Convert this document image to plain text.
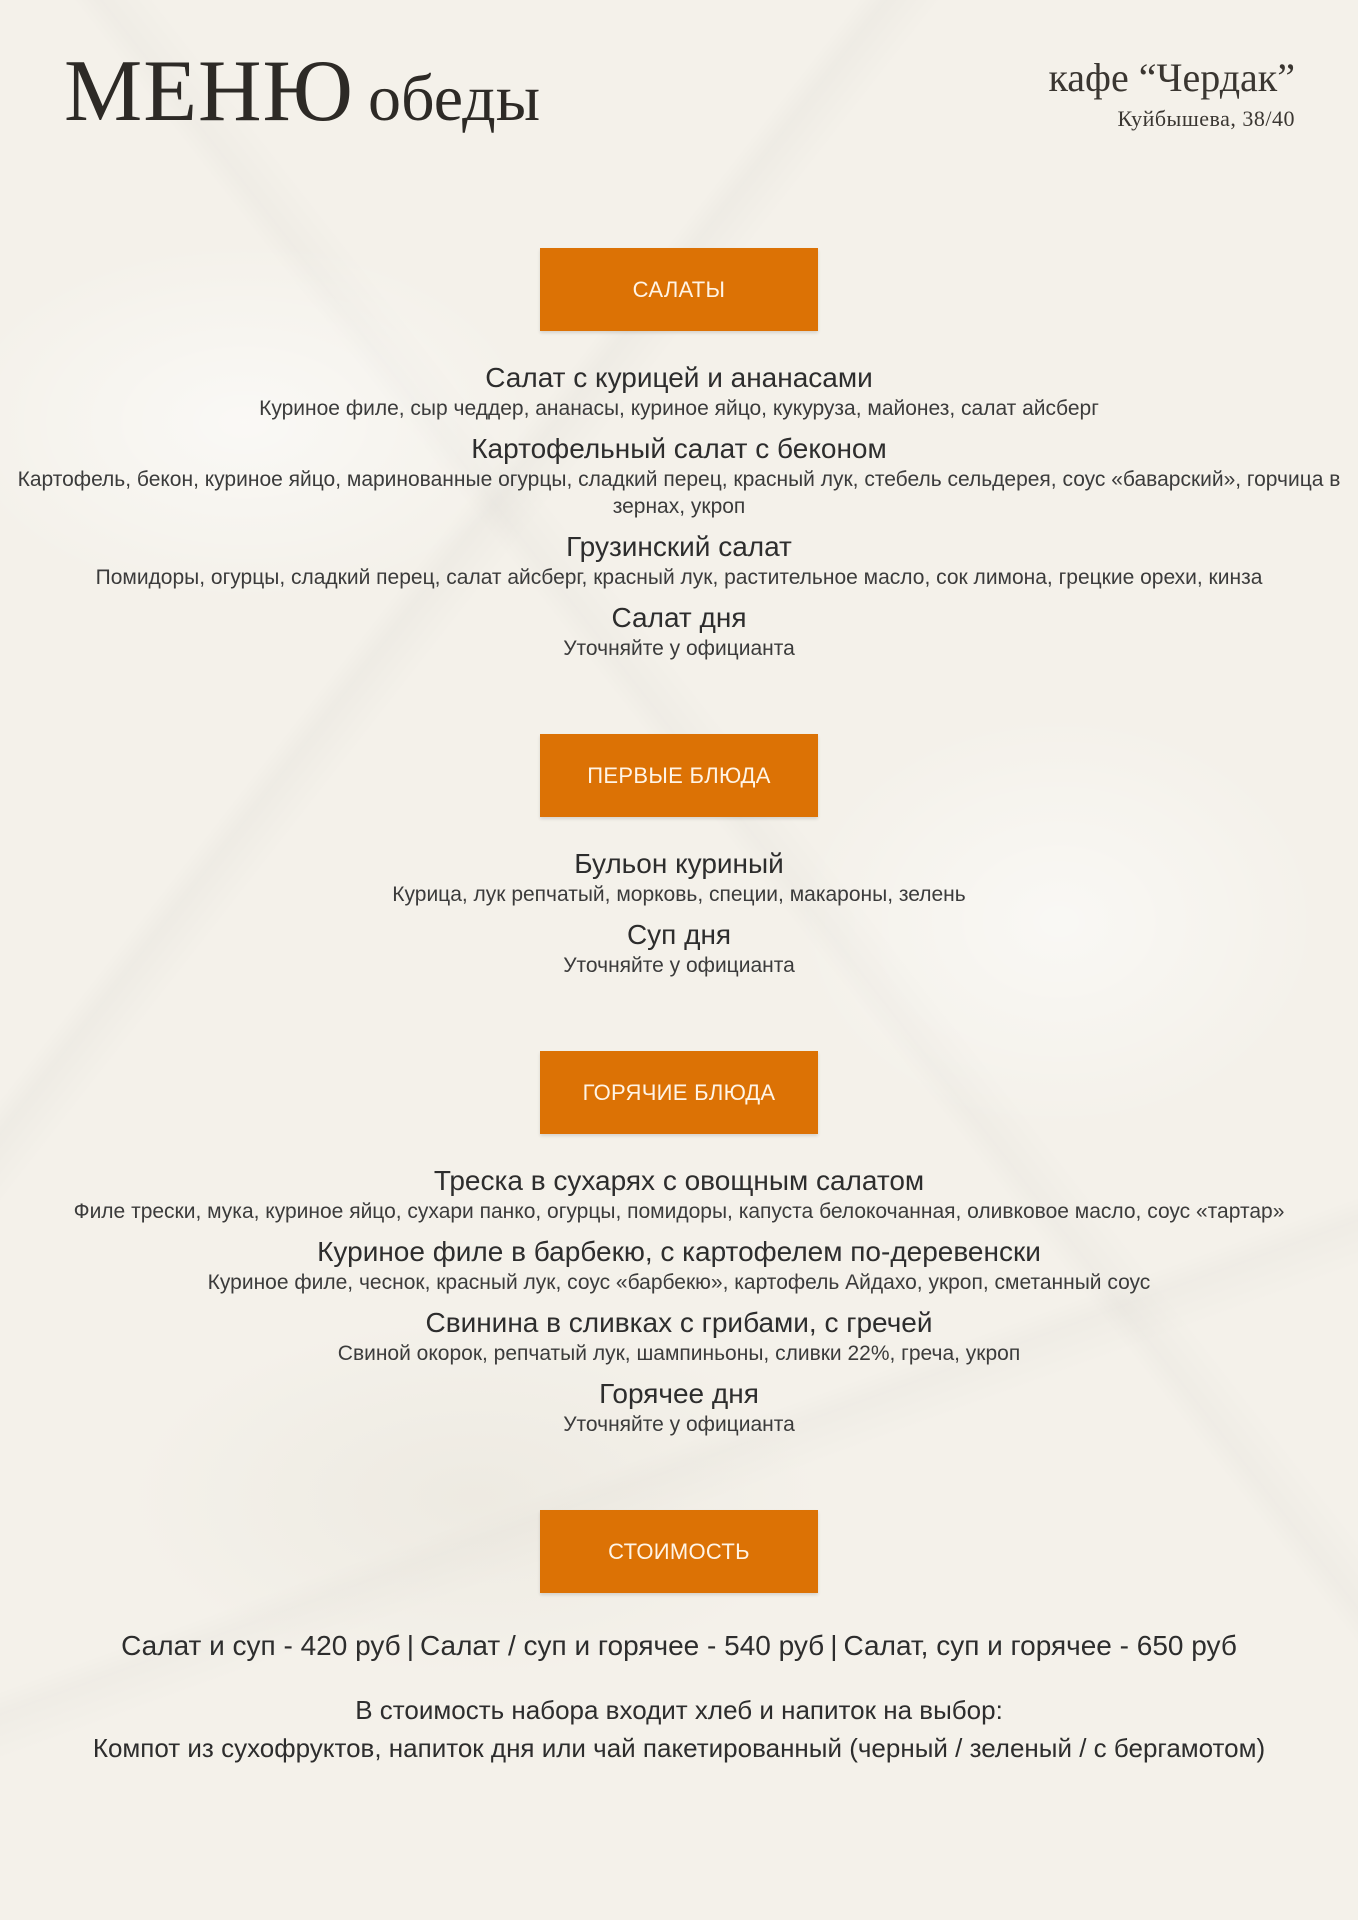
МЕНЮ обеды	кафе “Чердак”
Куйбышева, 38/40
САЛАТЫ
Салат с курицей и ананасами
Куриное филе, сыр чеддер, ананасы, куриное яйцо, кукуруза, майонез, салат айсберг
Картофельный салат с беконом
Картофель, бекон, куриное яйцо, маринованные огурцы, сладкий перец, красный лук, стебель сельдерея, соус «баварский», горчица в зернах, укроп
Грузинский салат
Помидоры, огурцы, сладкий перец, салат айсберг, красный лук, растительное масло, сок лимона, грецкие орехи, кинза
Салат дня
Уточняйте у официанта
ПЕРВЫЕ БЛЮДА
Бульон куриный
Курица, лук репчатый, морковь, специи, макароны, зелень
Суп дня
Уточняйте у официанта
ГОРЯЧИЕ БЛЮДА
Треска в сухарях с овощным салатом
Филе трески, мука, куриное яйцо, сухари панко, огурцы, помидоры, капуста белокочанная, оливковое масло, соус «тартар»
Куриное филе в барбекю, с картофелем по-деревенски
Куриное филе, чеснок, красный лук, соус «барбекю», картофель Айдахо, укроп, сметанный соус
Свинина в сливках с грибами, с гречей
Свиной окорок, репчатый лук, шампиньоны, сливки 22%, греча, укроп
Горячее дня
Уточняйте у официанта
СТОИМОСТЬ
Салат и суп - 420 руб | Салат / суп и горячее - 540 руб | Салат, суп и горячее - 650 руб
В стоимость набора входит хлеб и напиток на выбор:
Компот из сухофруктов, напиток дня или чай пакетированный (черный / зеленый / с бергамотом)
